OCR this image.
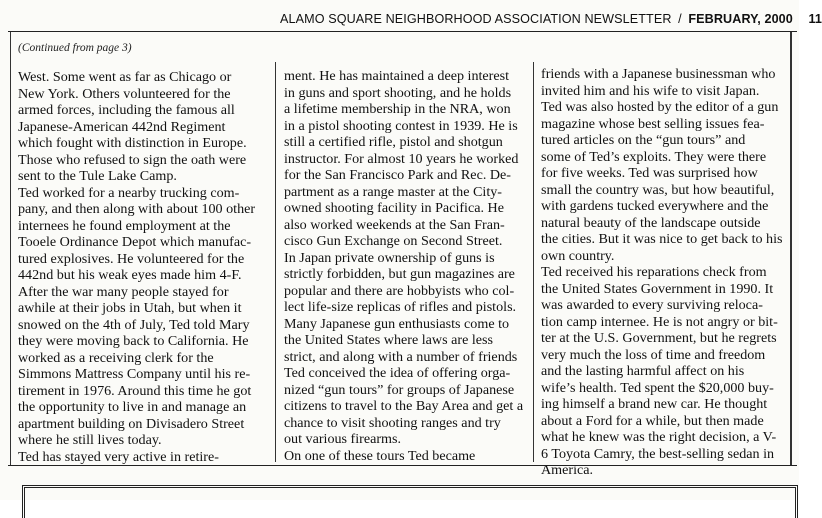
ALAMO SQUARE NEIGHBORHOOD ASSOCIATION NEWSLETTER / FEBRUARY, 2000 11
(Continued from page 3)
West. Some went as far as Chicago or
New York. Others volunteered for the
armed forces, including the famous all
Japanese-American 442nd Regiment
which fought with distinction in Europe.
Those who refused to sign the oath were
sent to the Tule Lake Camp.
Ted worked for a nearby trucking com-
pany, and then along with about 100 other
internees he found employment at the
Tooele Ordinance Depot which manufac-
tured explosives. He volunteered for the
442nd but his weak eyes made him 4-F.
After the war many people stayed for
awhile at their jobs in Utah, but when it
snowed on the 4th of July, Ted told Mary
they were moving back to California. He
worked as a receiving clerk for the
Simmons Mattress Company until his re-
tirement in 1976. Around this time he got
the opportunity to live in and manage an
apartment building on Divisadero Street
where he still lives today.
Ted has stayed very active in retire-
ment. He has maintained a deep interest
in guns and sport shooting, and he holds
a lifetime membership in the NRA, won
in a pistol shooting contest in 1939. He is
still a certified rifle, pistol and shotgun
instructor. For almost 10 years he worked
for the San Francisco Park and Rec. De-
partment as a range master at the City-
owned shooting facility in Pacifica. He
also worked weekends at the San Fran-
cisco Gun Exchange on Second Street.
In Japan private ownership of guns is
strictly forbidden, but gun magazines are
popular and there are hobbyists who col-
lect life-size replicas of rifles and pistols.
Many Japanese gun enthusiasts come to
the United States where laws are less
strict, and along with a number of friends
Ted conceived the idea of offering orga-
nized “gun tours” for groups of Japanese
citizens to travel to the Bay Area and get a
chance to visit shooting ranges and try
out various firearms.
On one of these tours Ted became
friends with a Japanese businessman who
invited him and his wife to visit Japan.
Ted was also hosted by the editor of a gun
magazine whose best selling issues fea-
tured articles on the “gun tours” and
some of Ted’s exploits. They were there
for five weeks. Ted was surprised how
small the country was, but how beautiful,
with gardens tucked everywhere and the
natural beauty of the landscape outside
the cities. But it was nice to get back to his
own country.
Ted received his reparations check from
the United States Government in 1990. It
was awarded to every surviving reloca-
tion camp internee. He is not angry or bit-
ter at the U.S. Government, but he regrets
very much the loss of time and freedom
and the lasting harmful affect on his
wife’s health. Ted spent the $20,000 buy-
ing himself a brand new car. He thought
about a Ford for a while, but then made
what he knew was the right decision, a V-
6 Toyota Camry, the best-selling sedan in
America.
